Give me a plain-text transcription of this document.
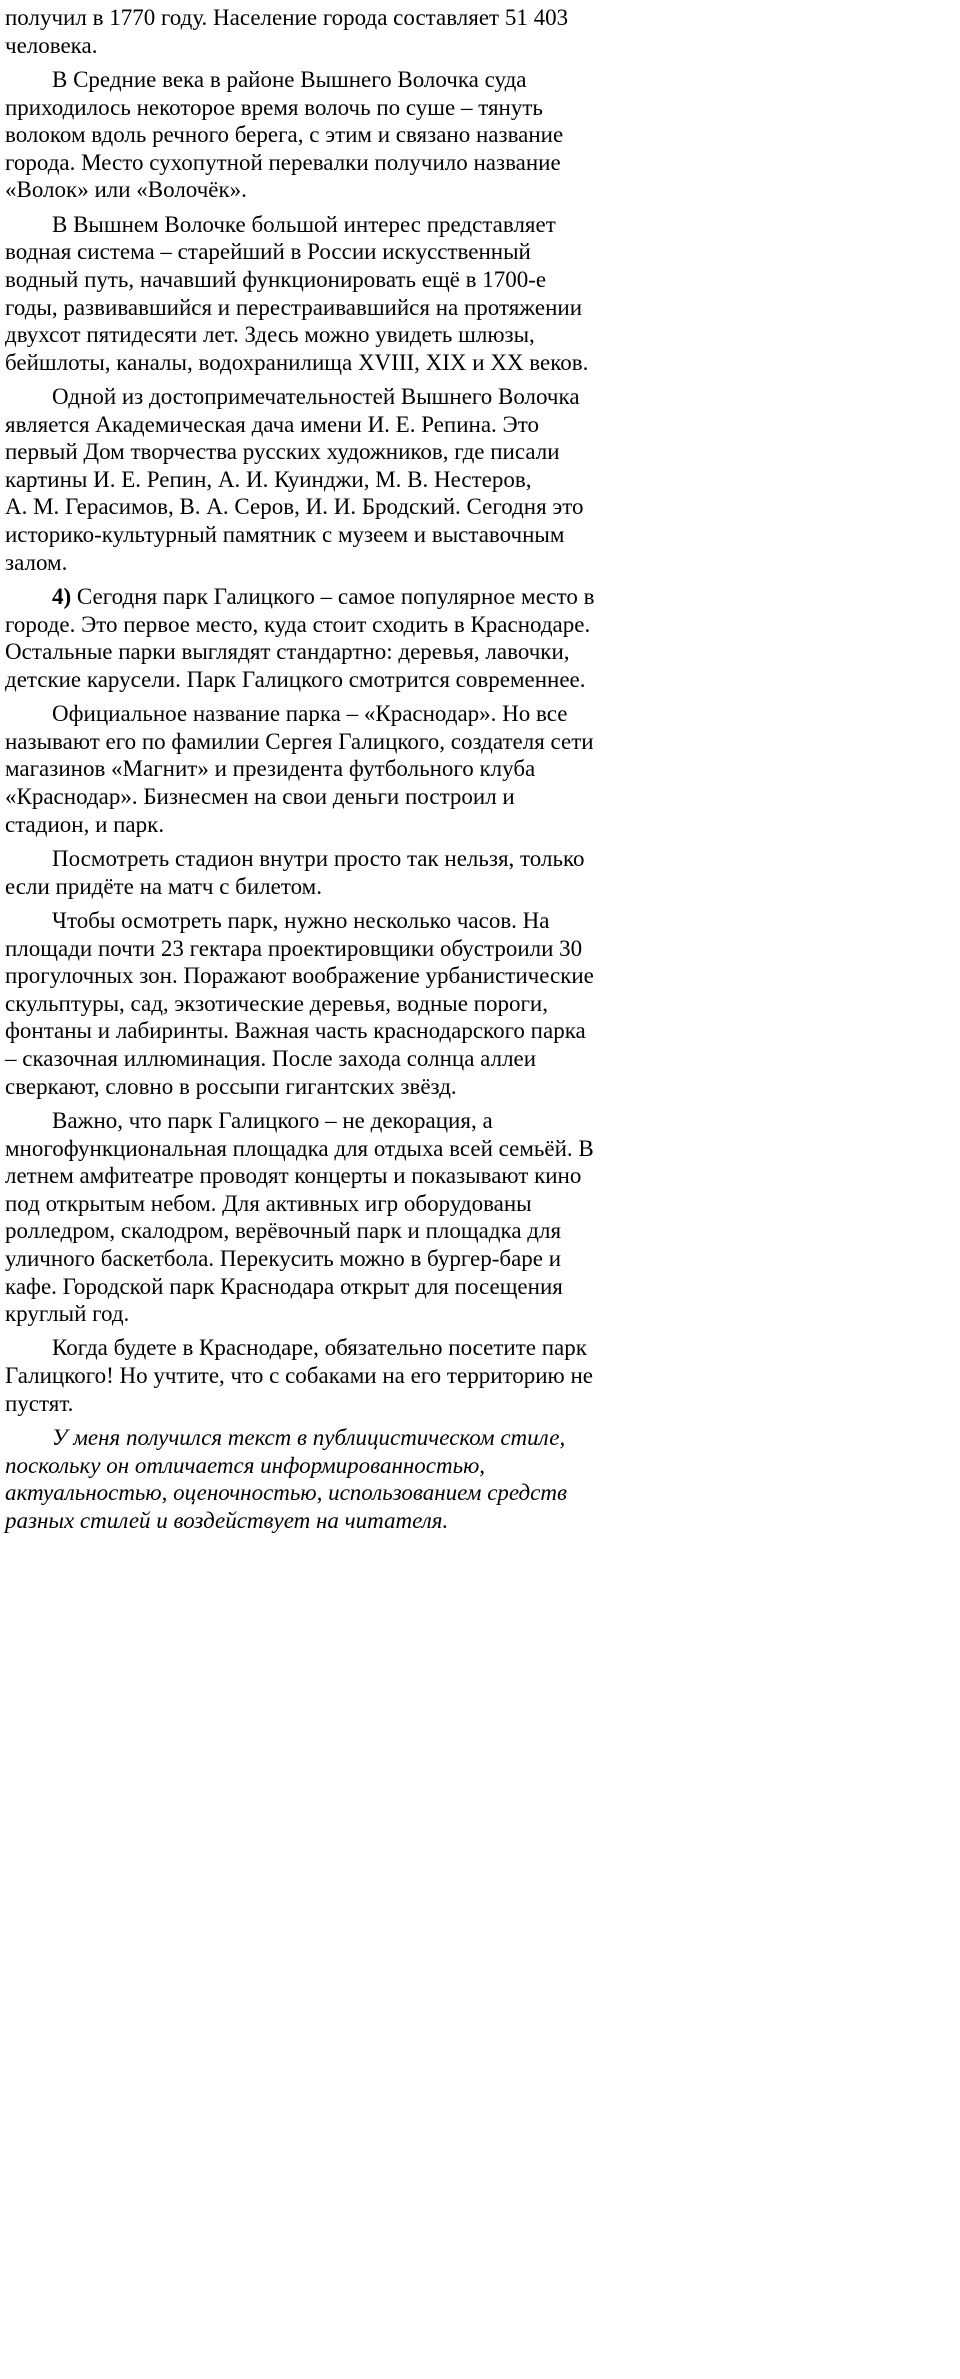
получил в 1770 году. Население города составляет 51 403
человека.
В Средние века в районе Вышнего Волочка суда
приходилось некоторое время волочь по суше – тянуть
волоком вдоль речного берега, с этим и связано название
города. Место сухопутной перевалки получило название
«Волок» или «Волочёк».
В Вышнем Волочке большой интерес представляет
водная система – старейший в России искусственный
водный путь, начавший функционировать ещё в 1700-е
годы, развивавшийся и перестраивавшийся на протяжении
двухсот пятидесяти лет. Здесь можно увидеть шлюзы,
бейшлоты, каналы, водохранилища XVIII, XIX и XX веков.
Одной из достопримечательностей Вышнего Волочка
является Академическая дача имени И. Е. Репина. Это
первый Дом творчества русских художников, где писали
картины И. Е. Репин, А. И. Куинджи, М. В. Нестеров,
А. М. Герасимов, В. А. Серов, И. И. Бродский. Сегодня это
историко-культурный памятник с музеем и выставочным
залом.
4) Сегодня парк Галицкого – самое популярное место в
городе. Это первое место, куда стоит сходить в Краснодаре.
Остальные парки выглядят стандартно: деревья, лавочки,
детские карусели. Парк Галицкого смотрится современнее.
Официальное название парка – «Краснодар». Но все
называют его по фамилии Сергея Галицкого, создателя сети
магазинов «Магнит» и президента футбольного клуба
«Краснодар». Бизнесмен на свои деньги построил и
стадион, и парк.
Посмотреть стадион внутри просто так нельзя, только
если придёте на матч с билетом.
Чтобы осмотреть парк, нужно несколько часов. На
площади почти 23 гектара проектировщики обустроили 30
прогулочных зон. Поражают воображение урбанистические
скульптуры, сад, экзотические деревья, водные пороги,
фонтаны и лабиринты. Важная часть краснодарского парка
– сказочная иллюминация. После захода солнца аллеи
сверкают, словно в россыпи гигантских звёзд.
Важно, что парк Галицкого – не декорация, а
многофункциональная площадка для отдыха всей семьёй. В
летнем амфитеатре проводят концерты и показывают кино
под открытым небом. Для активных игр оборудованы
ролледром, скалодром, верёвочный парк и площадка для
уличного баскетбола. Перекусить можно в бургер-баре и
кафе. Городской парк Краснодара открыт для посещения
круглый год.
Когда будете в Краснодаре, обязательно посетите парк
Галицкого! Но учтите, что с собаками на его территорию не
пустят.
У меня получился текст в публицистическом стиле,
поскольку он отличается информированностью,
актуальностью, оценочностью, использованием средств
разных стилей и воздействует на читателя.
